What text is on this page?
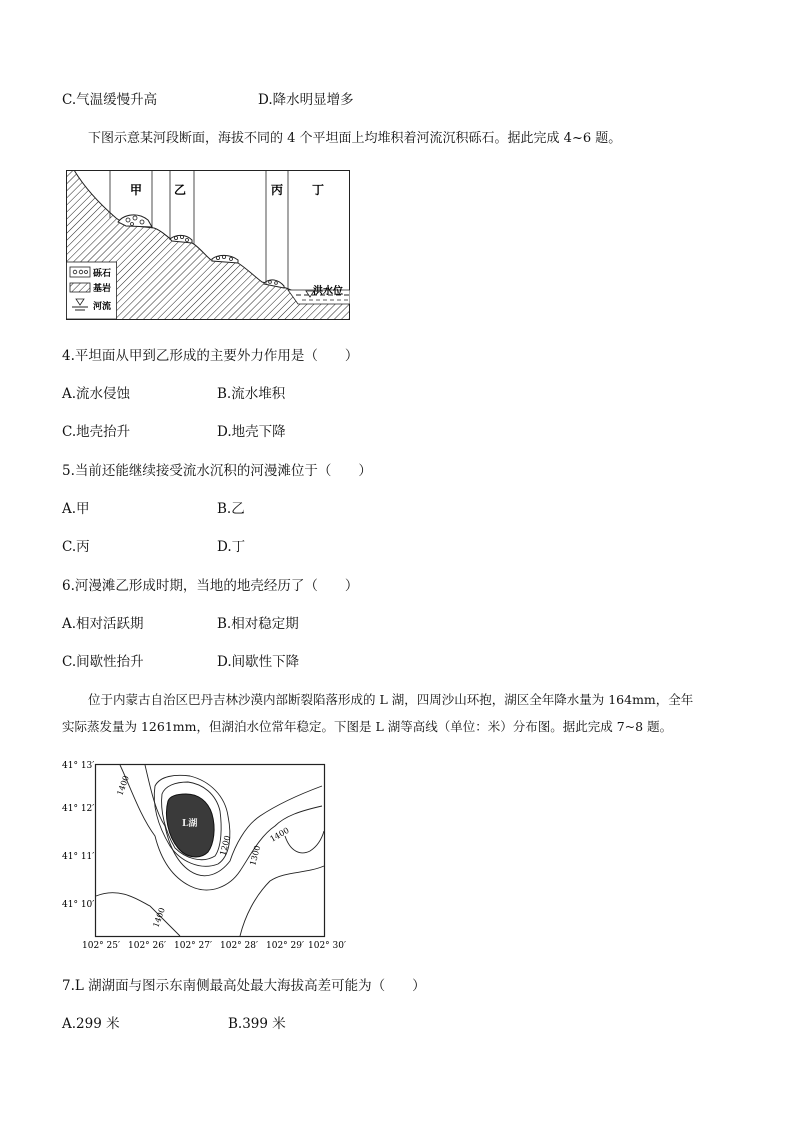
C.气温缓慢升高	D.降水明显增多
下图示意某河段断面，海拔不同的 4 个平坦面上均堆积着河流沉积砾石。据此完成 4~6 题。
甲	乙	丙 丁
洪水位
砾石
基岩
河流
4.平坦面从甲到乙形成的主要外力作用是（　　）
A.流水侵蚀	B.流水堆积
C.地壳抬升	D.地壳下降
5.当前还能继续接受流水沉积的河漫滩位于（　　）
A.甲	B.乙
C.丙	D.丁
6.河漫滩乙形成时期，当地的地壳经历了（　　）
A.相对活跃期	B.相对稳定期
C.间歇性抬升	D.间歇性下降
位于内蒙古自治区巴丹吉林沙漠内部断裂陷落形成的 L 湖，四周沙山环抱，湖区全年降水量为 164mm，全年
实际蒸发量为 1261mm，但湖泊水位常年稳定。下图是 L 湖等高线（单位：米）分布图。据此完成 7~8 题。
41° 13′
41° 12′
41° 11′
41° 10′
102° 25′ 102° 26′ 102° 27′ 102° 28′ 102° 29′ 102° 30′
L湖
1400
1200 1300
1400
1400
7.L 湖湖面与图示东南侧最高处最大海拔高差可能为（　　）
A.299 米	B.399 米
